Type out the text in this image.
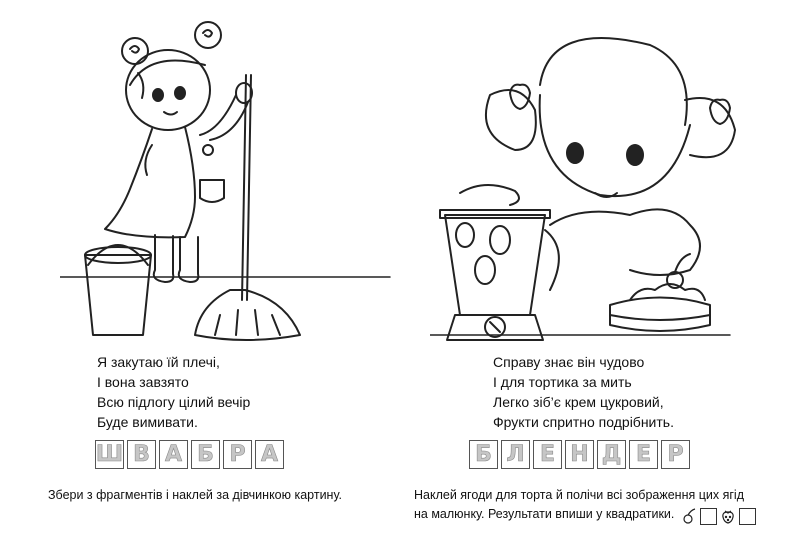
Я закутаю їй плечі,
І вона завзято
Всю підлогу цілий вечір
Буде вимивати.
Справу знає він чудово
І для тортика за мить
Легко зіб’є крем цукровий,
Фрукти спритно подрібнить.
Ш В А Б Р А	Б Л Е Н Д Е Р
Збери з фрагментів і наклей за дівчинкою картину.	Наклей ягоди для торта й полічи всі зображення цих ягід
на малюнку. Результати впиши у квадратики.
